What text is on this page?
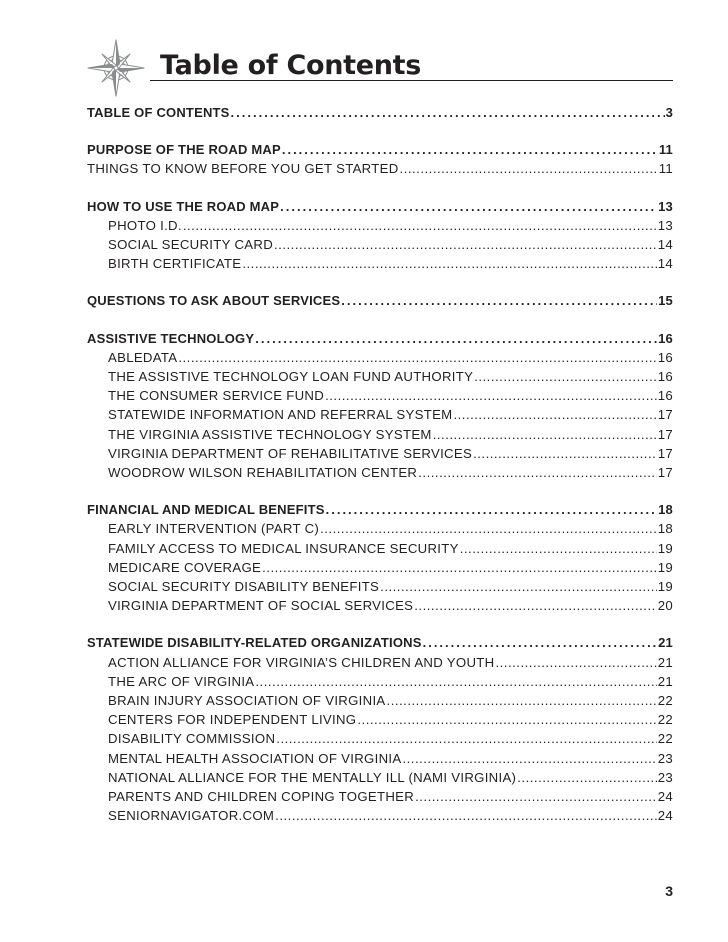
Table of Contents
TABLE OF CONTENTS .....	3
PURPOSE OF THE ROAD MAP .....	11
THINGS TO KNOW BEFORE YOU GET STARTED .....	11
HOW TO USE THE ROAD MAP .....	13
PHOTO I.D. .....	13
SOCIAL SECURITY CARD .....	14
BIRTH CERTIFICATE .....	14
QUESTIONS TO ASK ABOUT SERVICES .....	15
ASSISTIVE TECHNOLOGY .....	16
ABLEDATA .....	16
THE ASSISTIVE TECHNOLOGY LOAN FUND AUTHORITY .....	16
THE CONSUMER SERVICE FUND .....	16
STATEWIDE INFORMATION AND REFERRAL SYSTEM .....	17
THE VIRGINIA ASSISTIVE TECHNOLOGY SYSTEM .....	17
VIRGINIA DEPARTMENT OF REHABILITATIVE SERVICES .....	17
WOODROW WILSON REHABILITATION CENTER .....	17
FINANCIAL AND MEDICAL BENEFITS .....	18
EARLY INTERVENTION (PART C) .....	18
FAMILY ACCESS TO MEDICAL INSURANCE SECURITY .....	19
MEDICARE COVERAGE .....	19
SOCIAL SECURITY DISABILITY BENEFITS .....	19
VIRGINIA DEPARTMENT OF SOCIAL SERVICES .....	20
STATEWIDE DISABILITY-RELATED ORGANIZATIONS .....	21
ACTION ALLIANCE FOR VIRGINIA’S CHILDREN AND YOUTH .....	21
THE ARC OF VIRGINIA .....	21
BRAIN INJURY ASSOCIATION OF VIRGINIA .....	22
CENTERS FOR INDEPENDENT LIVING .....	22
DISABILITY COMMISSION .....	22
MENTAL HEALTH ASSOCIATION OF VIRGINIA .....	23
NATIONAL ALLIANCE FOR THE MENTALLY ILL (NAMI VIRGINIA) .....	23
PARENTS AND CHILDREN COPING TOGETHER .....	24
SENIORNAVIGATOR.COM .....	24

3
